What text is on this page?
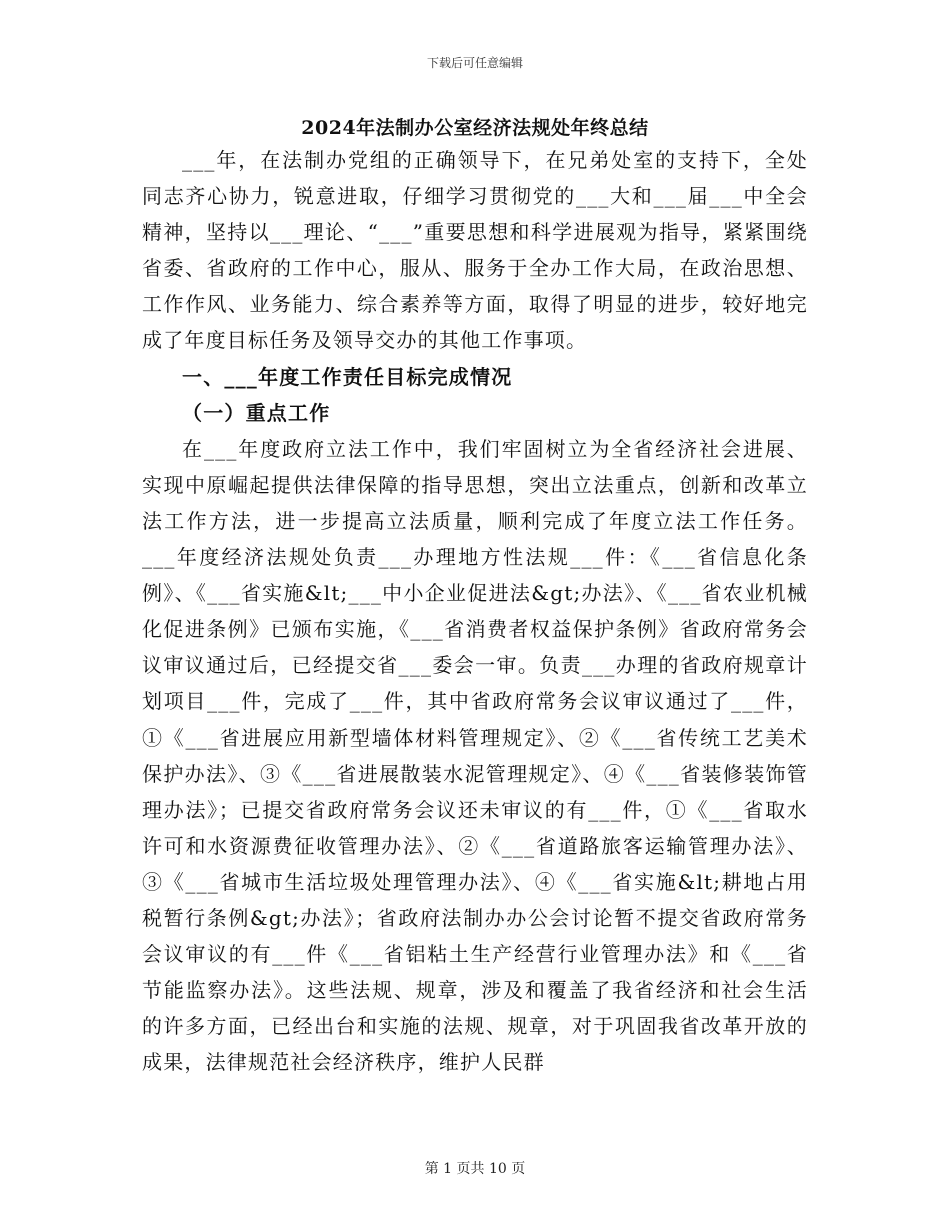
下载后可任意编辑
2024年法制办公室经济法规处年终总结

___年，在法制办党组的正确领导下，在兄弟处室的支持下，全处同志齐心协力，锐意进取，仔细学习贯彻党的___大和___届___中全会精神，坚持以___理论、“___”重要思想和科学进展观为指导，紧紧围绕省委、省政府的工作中心，服从、服务于全办工作大局，在政治思想、工作作风、业务能力、综合素养等方面，取得了明显的进步，较好地完成了年度目标任务及领导交办的其他工作事项。

一、___年度工作责任目标完成情况
（一）重点工作

在___年度政府立法工作中，我们牢固树立为全省经济社会进展、实现中原崛起提供法律保障的指导思想，突出立法重点，创新和改革立法工作方法，进一步提高立法质量，顺利完成了年度立法工作任务。___年度经济法规处负责___办理地方性法规___件：《___省信息化条例》、《___省实施&lt;___中小企业促进法&gt;办法》、《___省农业机械化促进条例》已颁布实施，《___省消费者权益保护条例》省政府常务会议审议通过后，已经提交省___委会一审。负责___办理的省政府规章计划项目___件，完成了___件，其中省政府常务会议审议通过了___件，①《___省进展应用新型墙体材料管理规定》、②《___省传统工艺美术保护办法》、③《___省进展散装水泥管理规定》、④《___省装修装饰管理办法》；已提交省政府常务会议还未审议的有___件，①《___省取水许可和水资源费征收管理办法》、②《___省道路旅客运输管理办法》、③《___省城市生活垃圾处理管理办法》、④《___省实施&lt;耕地占用税暂行条例&gt;办法》；省政府法制办办公会讨论暂不提交省政府常务会议审议的有___件《___省铝粘土生产经营行业管理办法》和《___省节能监察办法》。这些法规、规章，涉及和覆盖了我省经济和社会生活的许多方面，已经出台和实施的法规、规章，对于巩固我省改革开放的成果，法律规范社会经济秩序，维护人民群

第 1 页共 10 页
